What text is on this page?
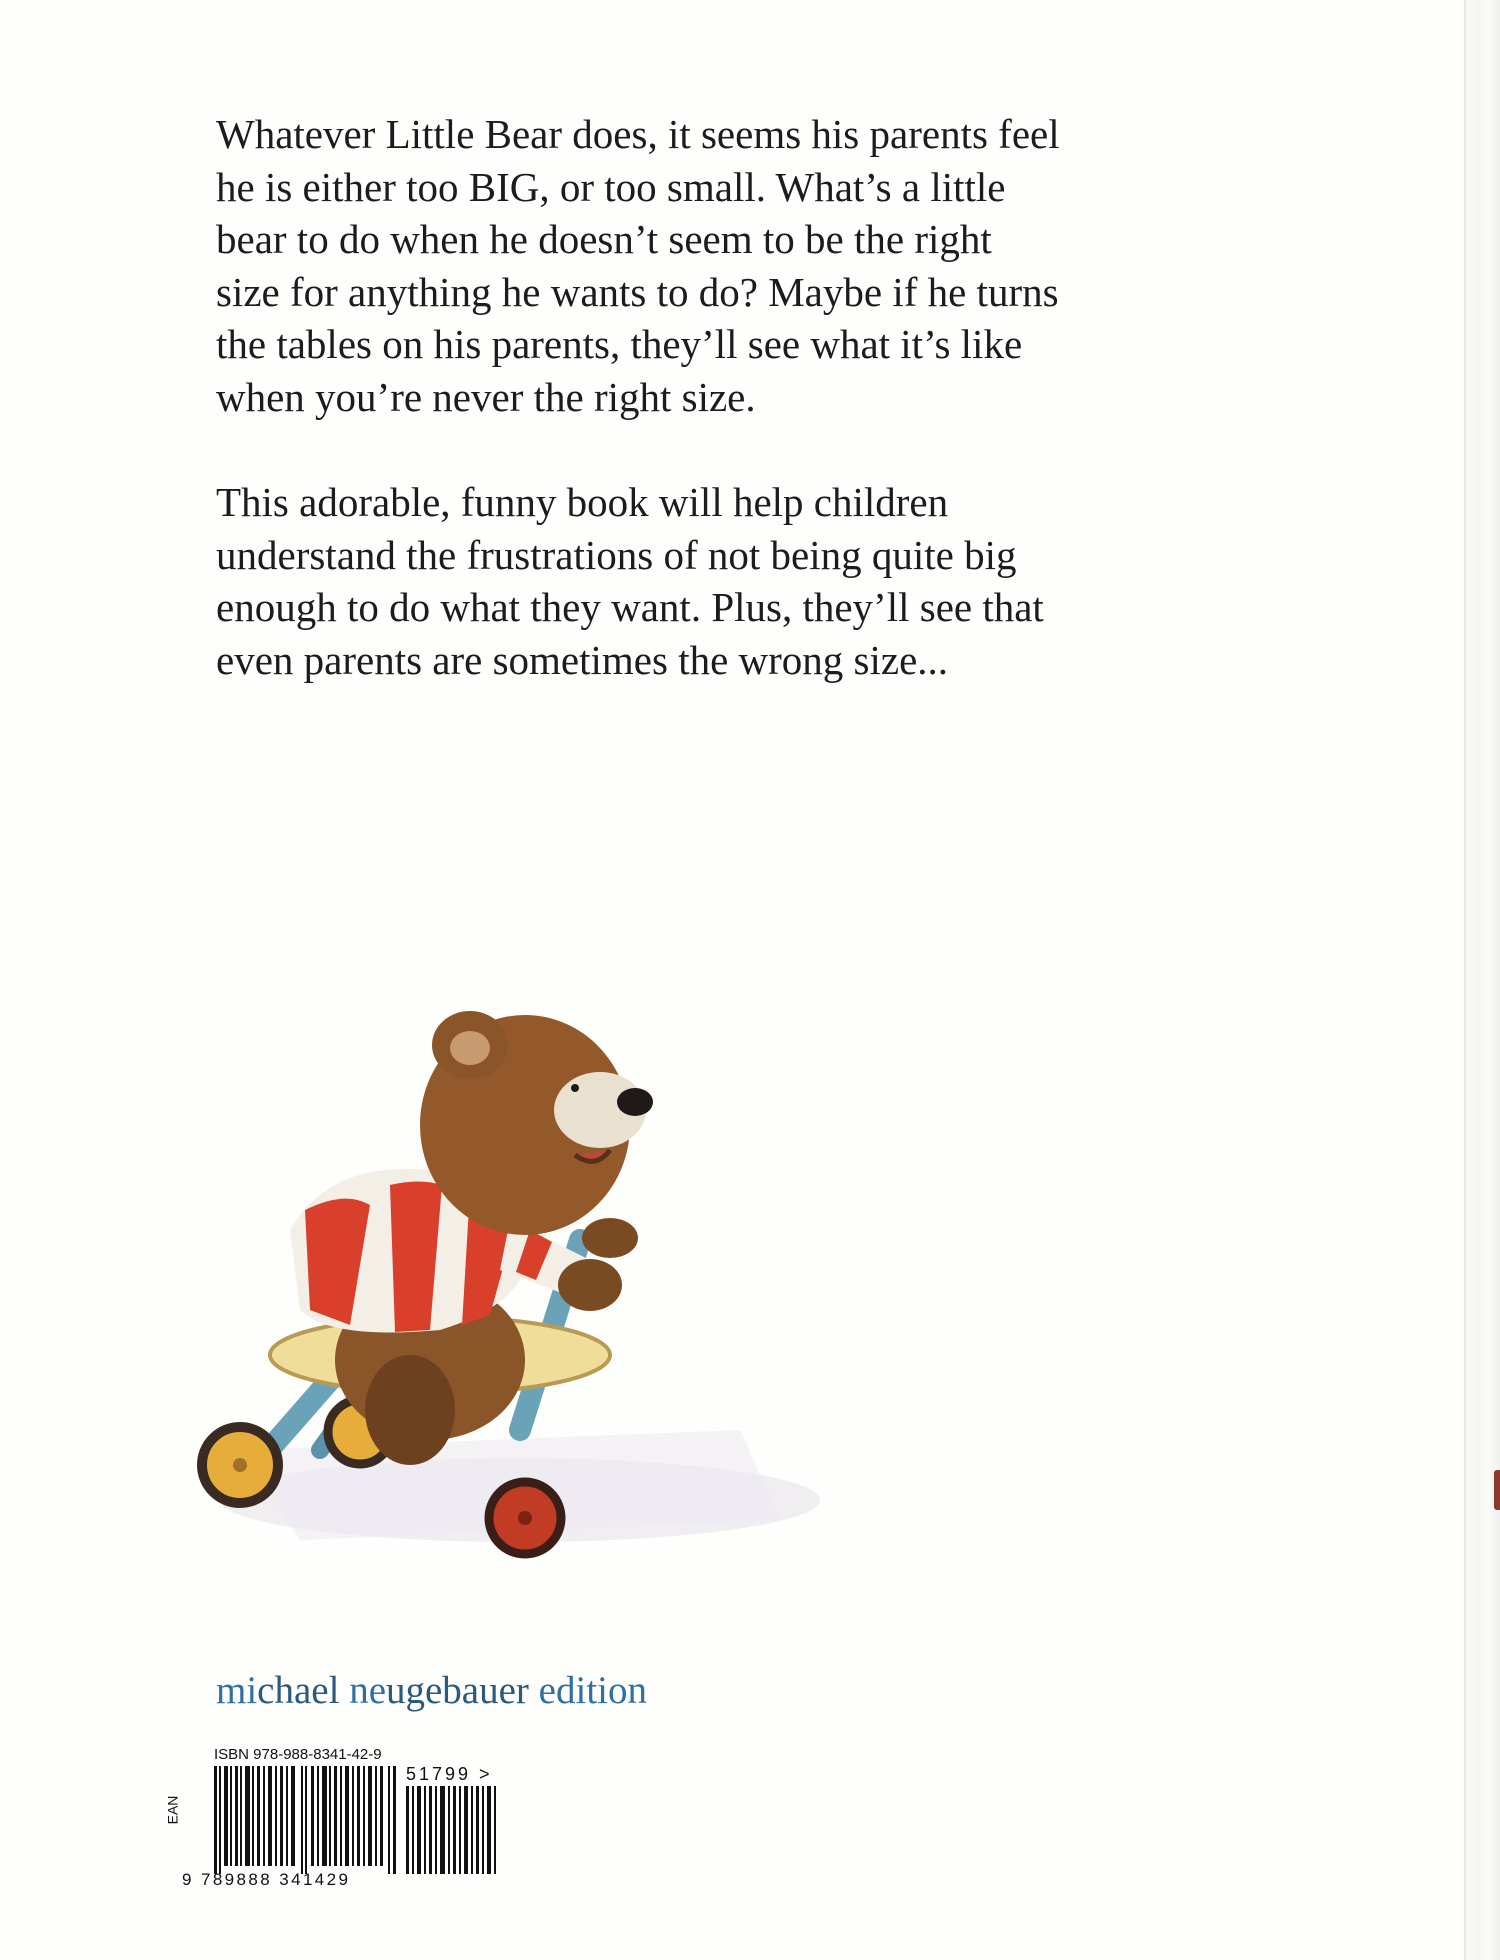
Whatever Little Bear does, it seems his parents feel
he is either too BIG, or too small. What’s a little
bear to do when he doesn’t seem to be the right
size for anything he wants to do? Maybe if he turns
the tables on his parents, they’ll see what it’s like
when you’re never the right size.

This adorable, funny book will help children
understand the frustrations of not being quite big
enough to do what they want. Plus, they’ll see that
even parents are sometimes the wrong size...

michael neugebauer edition

ISBN 978-988-8341-42-9
EAN
51799 >
9 789888 341429
